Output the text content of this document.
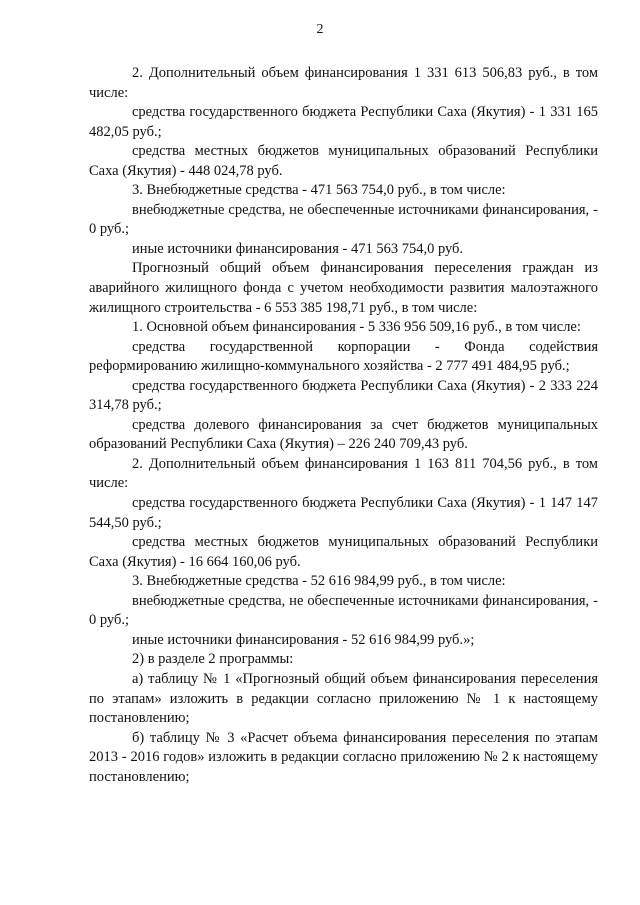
2

2. Дополнительный объем финансирования 1 331 613 506,83 руб., в том числе:

средства государственного бюджета Республики Саха (Якутия) - 1 331 165 482,05 руб.;

средства местных бюджетов муниципальных образований Республики Саха (Якутия) - 448 024,78 руб.

3. Внебюджетные средства - 471 563 754,0 руб., в том числе:

внебюджетные средства, не обеспеченные источниками финансирования, - 0 руб.;

иные источники финансирования - 471 563 754,0 руб.

Прогнозный общий объем финансирования переселения граждан из аварийного жилищного фонда с учетом необходимости развития малоэтажного жилищного строительства - 6 553 385 198,71 руб., в том числе:

1. Основной объем финансирования - 5 336 956 509,16 руб., в том числе:

средства государственной корпорации - Фонда содействия реформированию жилищно-коммунального хозяйства - 2 777 491 484,95 руб.;

средства государственного бюджета Республики Саха (Якутия) - 2 333 224 314,78 руб.;

средства долевого финансирования за счет бюджетов муниципальных образований Республики Саха (Якутия) – 226 240 709,43 руб.

2. Дополнительный объем финансирования 1 163 811 704,56 руб., в том числе:

средства государственного бюджета Республики Саха (Якутия) - 1 147 147 544,50 руб.;

средства местных бюджетов муниципальных образований Республики Саха (Якутия) - 16 664 160,06 руб.

3. Внебюджетные средства - 52 616 984,99 руб., в том числе:

внебюджетные средства, не обеспеченные источниками финансирования, - 0 руб.;

иные источники финансирования - 52 616 984,99 руб.»;

2) в разделе 2 программы:

а) таблицу № 1 «Прогнозный общий объем финансирования переселения по этапам» изложить в редакции согласно приложению № 1 к настоящему постановлению;

б) таблицу № 3 «Расчет объема финансирования переселения по этапам 2013 - 2016 годов» изложить в редакции согласно приложению № 2 к настоящему постановлению;
